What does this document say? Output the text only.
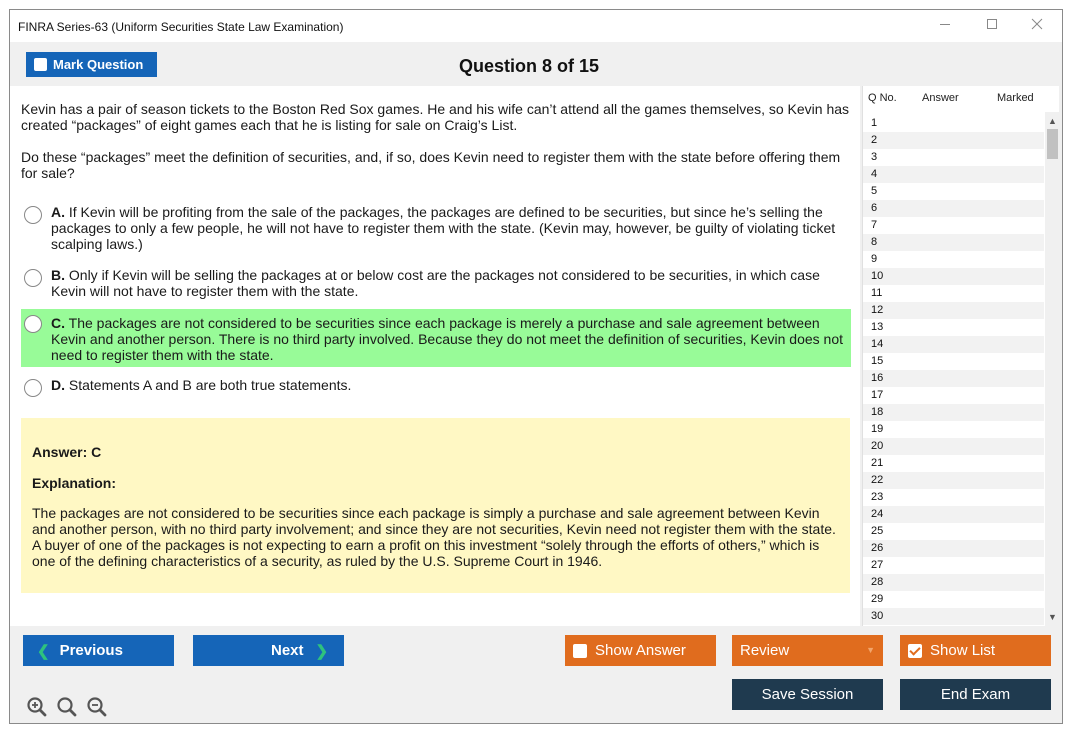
FINRA Series-63 (Uniform Securities State Law Examination)
Mark Question	Question 8 of 15
Kevin has a pair of season tickets to the Boston Red Sox games. He and his wife can’t attend all the games themselves, so Kevin has created “packages” of eight games each that he is listing for sale on Craig’s List.
Do these “packages” meet the definition of securities, and, if so, does Kevin need to register them with the state before offering them for sale?
A. If Kevin will be profiting from the sale of the packages, the packages are defined to be securities, but since he’s selling the packages to only a few people, he will not have to register them with the state. (Kevin may, however, be guilty of violating ticket scalping laws.)
B. Only if Kevin will be selling the packages at or below cost are the packages not considered to be securities, in which case Kevin will not have to register them with the state.
C. The packages are not considered to be securities since each package is merely a purchase and sale agreement between Kevin and another person. There is no third party involved. Because they do not meet the definition of securities, Kevin does not need to register them with the state.
D. Statements A and B are both true statements.
Answer: C
Explanation:
The packages are not considered to be securities since each package is simply a purchase and sale agreement between Kevin and another person, with no third party involvement; and since they are not securities, Kevin need not register them with the state. A buyer of one of the packages is not expecting to earn a profit on this investment “solely through the efforts of others,” which is one of the defining characteristics of a security, as ruled by the U.S. Supreme Court in 1946.
Q No. Answer	Marked
1
2
3
4
5
6
7
8
9
10
11
12
13
14
15
16
17
18
19
20
21
22
23
24
25
26
27
28
29
30
▲
▼
❮ Previous	Next ❯	Show Answer	Review	▼	Show List
Save Session	End Exam
